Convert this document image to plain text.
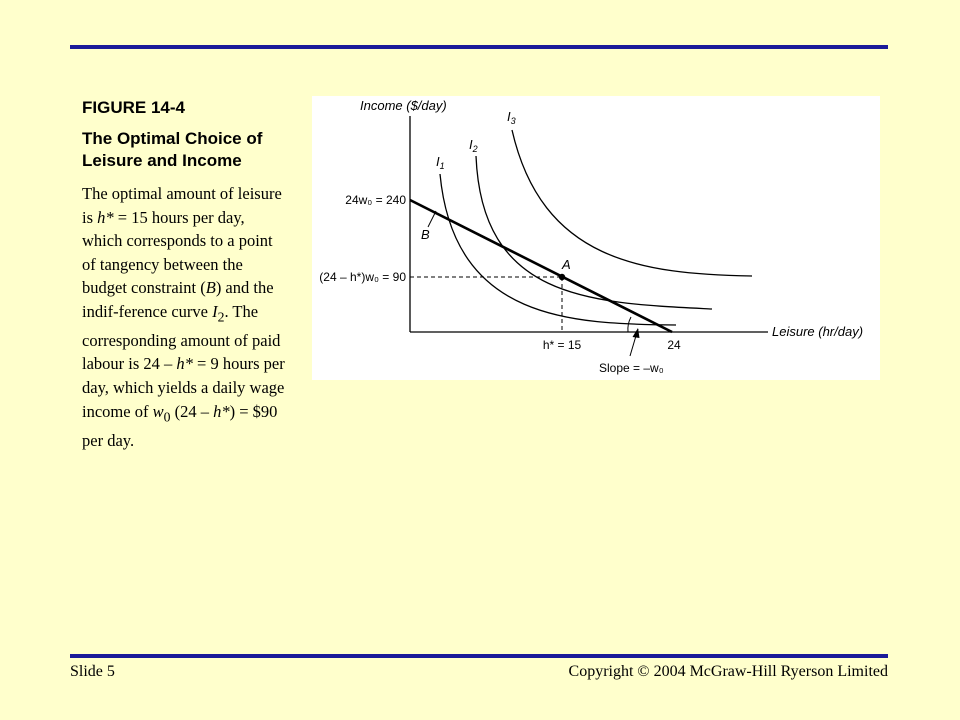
FIGURE 14-4
The Optimal Choice of Leisure and Income
The optimal amount of leisure is h* = 15 hours per day, which corresponds to a point of tangency between the budget constraint (B) and the indif-ference curve $I_2$. The corresponding amount of paid labour is 24 – h* = 9 hours per day, which yields a daily wage income of $w_0$ (24 – h*) = $90 per day.
Income ($/day)
Leisure (hr/day)
A
$I_1$
$I_2$
$I_3$
B
24w₀ = 240
(24 – h*)w₀ = 90
h* = 15	24
Slope = –w₀
Slide 5	Copyright © 2004 McGraw-Hill Ryerson Limited
